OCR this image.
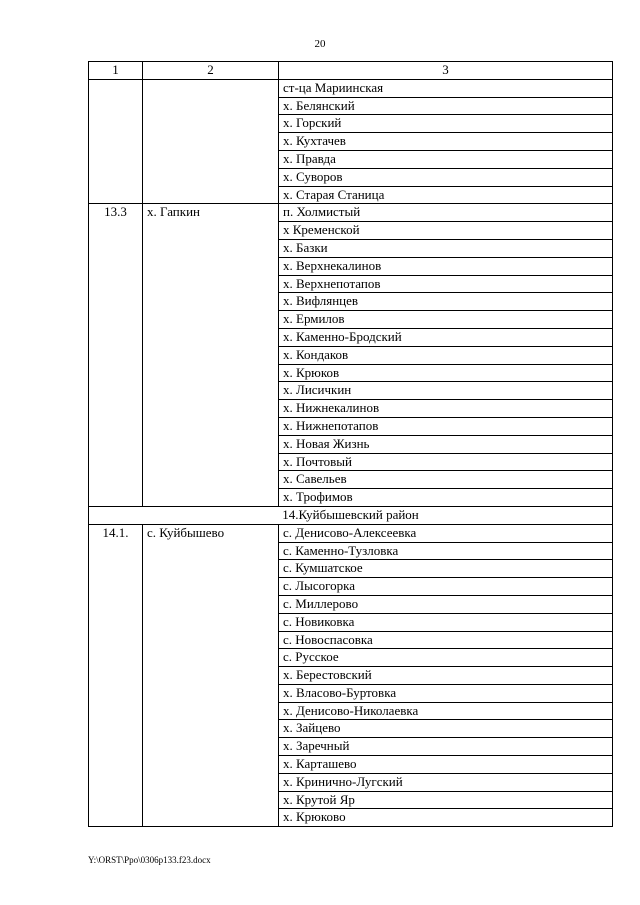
20
1	2	3
		ст-ца Мариинская
		х. Белянский
		х. Горский
		х. Кухтачев
		х. Правда
		х. Суворов
		х. Старая Станица
13.3	х. Гапкин	п. Холмистый
		х Кременской
		х. Базки
		х. Верхнекалинов
		х. Верхнепотапов
		х. Вифлянцев
		х. Ермилов
		х. Каменно-Бродский
		х. Кондаков
		х. Крюков
		х. Лисичкин
		х. Нижнекалинов
		х. Нижнепотапов
		х. Новая Жизнь
		х. Почтовый
		х. Савельев
		х. Трофимов
14.Куйбышевский район		
14.1.	с. Куйбышево	с. Денисово-Алексеевка
		с. Каменно-Тузловка
		с. Кумшатское
		с. Лысогорка
		с. Миллерово
		с. Новиковка
		с. Новоспасовка
		с. Русское
		х. Берестовский
		х. Власово-Буртовка
		х. Денисово-Николаевка
		х. Зайцево
		х. Заречный
		х. Карташево
		х. Кринично-Лугский
		х. Крутой Яр
		х. Крюково
Y:\ORST\Ppo\0306p133.f23.docx
